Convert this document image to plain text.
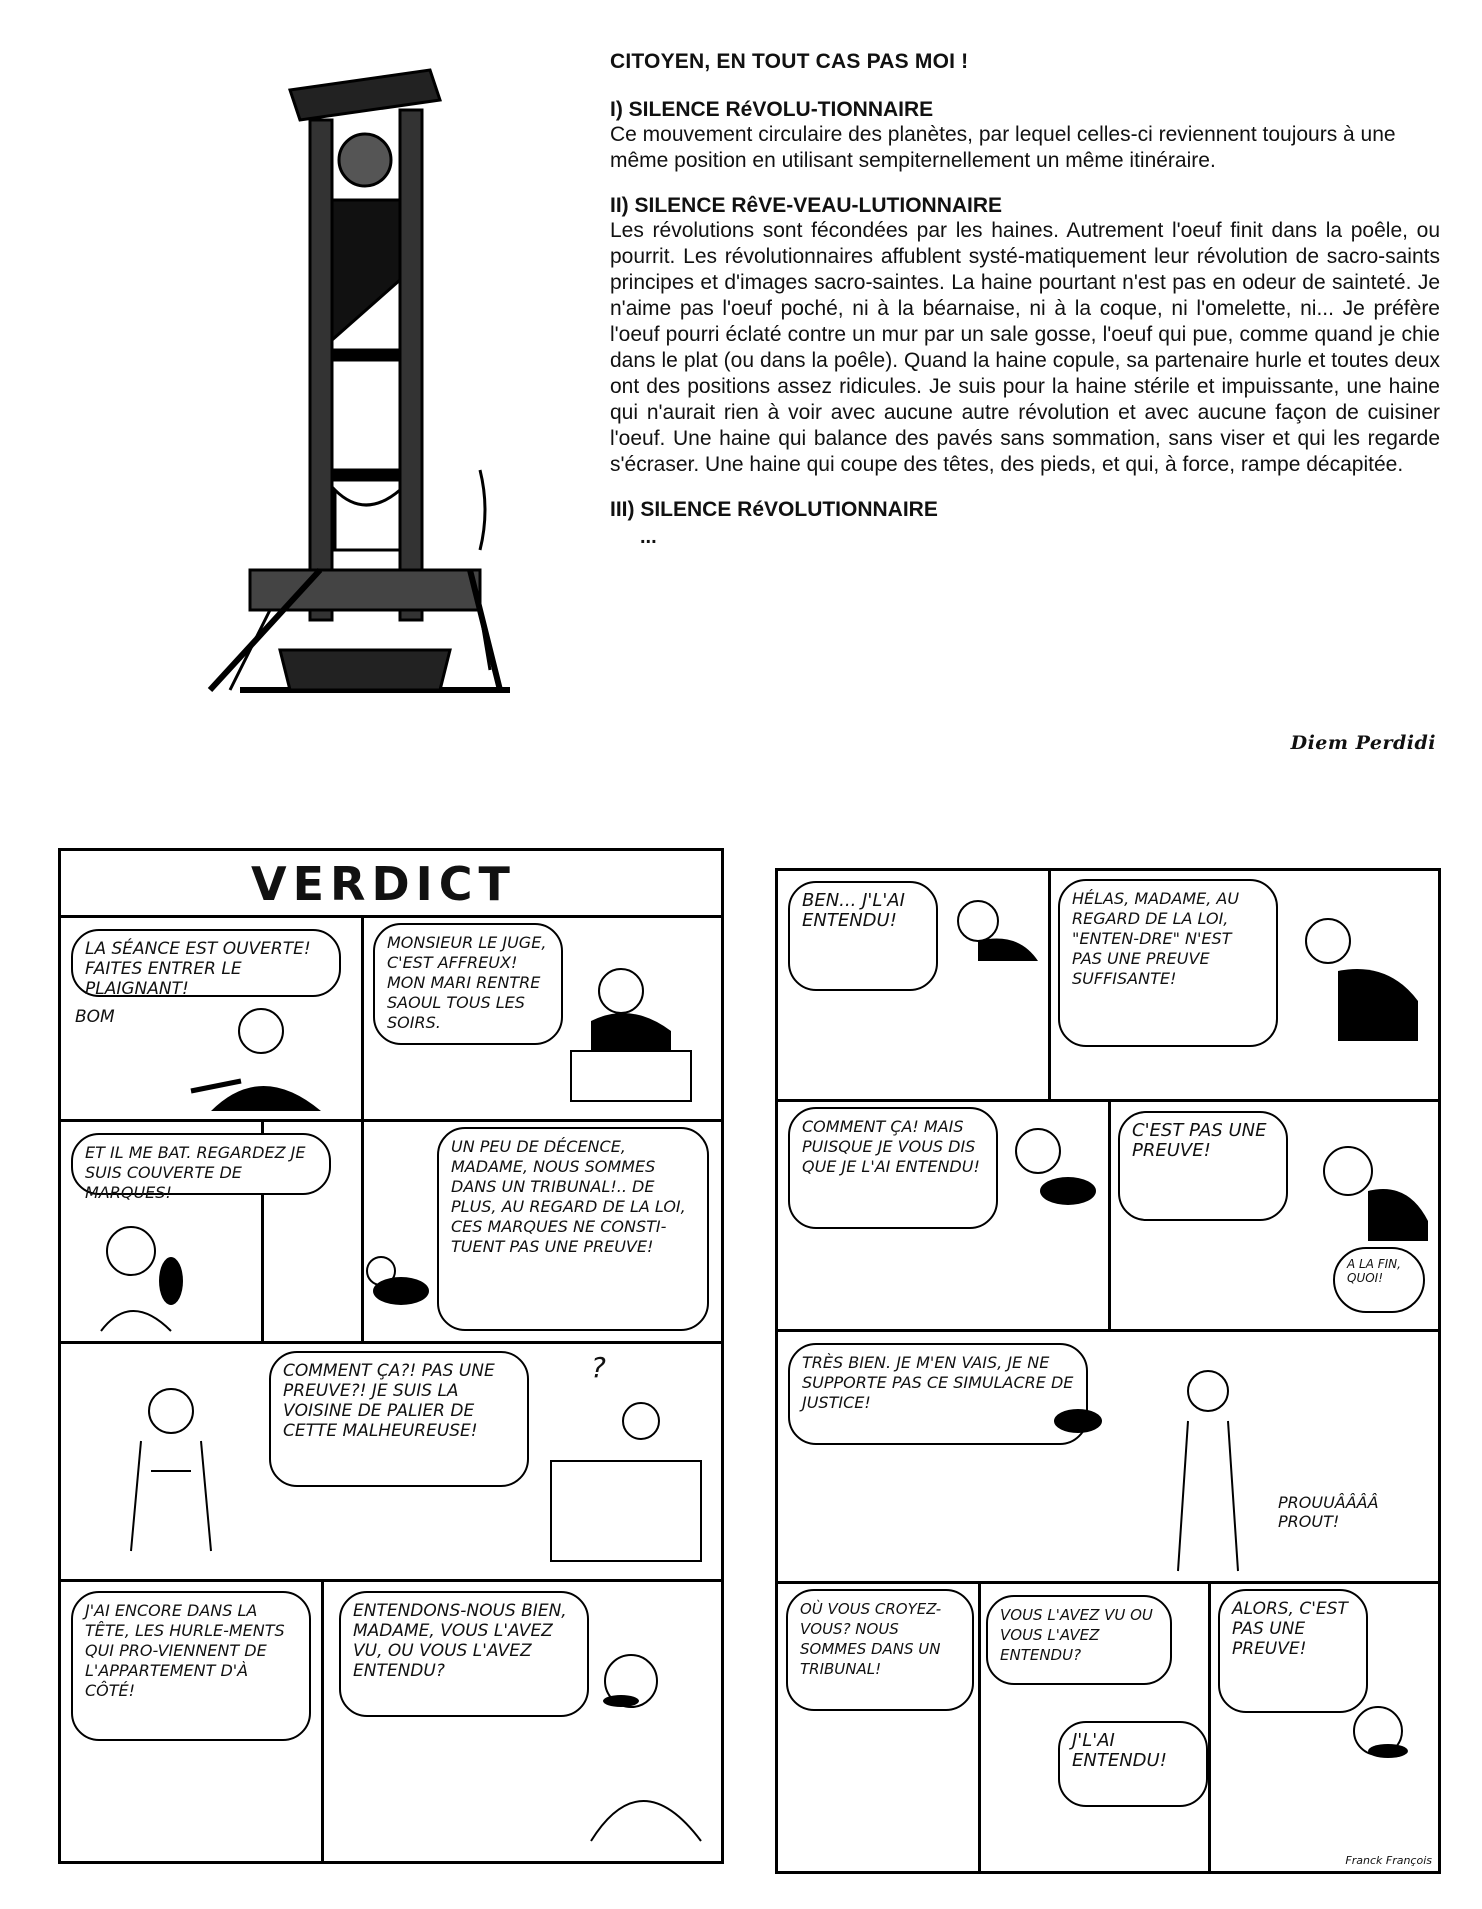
CITOYEN, EN TOUT CAS PAS MOI !

I) SILENCE RéVOLU-TIONNAIRE

Ce mouvement circulaire des planètes, par lequel celles-ci reviennent toujours à une même position en utilisant sempiternellement un même itinéraire.

II) SILENCE RêVE-VEAU-LUTIONNAIRE

Les révolutions sont fécondées par les haines. Autrement l'oeuf finit dans la poêle, ou pourrit. Les révolutionnaires affublent systé-matiquement leur révolution de sacro-saints principes et d'images sacro-saintes. La haine pourtant n'est pas en odeur de sainteté. Je n'aime pas l'oeuf poché, ni à la béarnaise, ni à la coque, ni l'omelette, ni... Je préfère l'oeuf pourri éclaté contre un mur par un sale gosse, l'oeuf qui pue, comme quand je chie dans le plat (ou dans la poêle). Quand la haine copule, sa partenaire hurle et toutes deux ont des positions assez ridicules. Je suis pour la haine stérile et impuissante, une haine qui n'aurait rien à voir avec aucune autre révolution et avec aucune façon de cuisiner l'oeuf. Une haine qui balance des pavés sans sommation, sans viser et qui les regarde s'écraser. Une haine qui coupe des têtes, des pieds, et qui, à force, rampe décapitée.

III) SILENCE RéVOLUTIONNAIRE

...

Diem Perdidi
VERDICT
LA SÉANCE EST OUVERTE! FAITES ENTRER LE PLAIGNANT!
MONSIEUR LE JUGE, C'EST AFFREUX! MON MARI RENTRE SAOUL TOUS LES SOIRS.
ET IL ME BAT. REGARDEZ JE SUIS COUVERTE DE MARQUES!
UN PEU DE DÉCENCE, MADAME, NOUS SOMMES DANS UN TRIBUNAL!.. DE PLUS, AU REGARD DE LA LOI, CES MARQUES NE CONSTI-TUENT PAS UNE PREUVE!
COMMENT ÇA?! PAS UNE PREUVE?! JE SUIS LA VOISINE DE PALIER DE CETTE MALHEUREUSE!
J'AI ENCORE DANS LA TÊTE, LES HURLE-MENTS QUI PRO-VIENNENT DE L'APPARTEMENT D'À CÔTÉ!
ENTENDONS-NOUS BIEN, MADAME, VOUS L'AVEZ VU, OU VOUS L'AVEZ ENTENDU?
BOM
?
BEN... J'L'AI ENTENDU!
HÉLAS, MADAME, AU REGARD DE LA LOI, "ENTEN-DRE" N'EST PAS UNE PREUVE SUFFISANTE!
COMMENT ÇA! MAIS PUISQUE JE VOUS DIS QUE JE L'AI ENTENDU!
C'EST PAS UNE PREUVE!
A LA FIN, QUOI!
TRÈS BIEN. JE M'EN VAIS, JE NE SUPPORTE PAS CE SIMULACRE DE JUSTICE!
PROUUÂÂÂÂ PROUT!
OÙ VOUS CROYEZ-VOUS? NOUS SOMMES DANS UN TRIBUNAL!
VOUS L'AVEZ VU OU VOUS L'AVEZ ENTENDU?
ALORS, C'EST PAS UNE PREUVE!
J'L'AI ENTENDU!
Franck François
